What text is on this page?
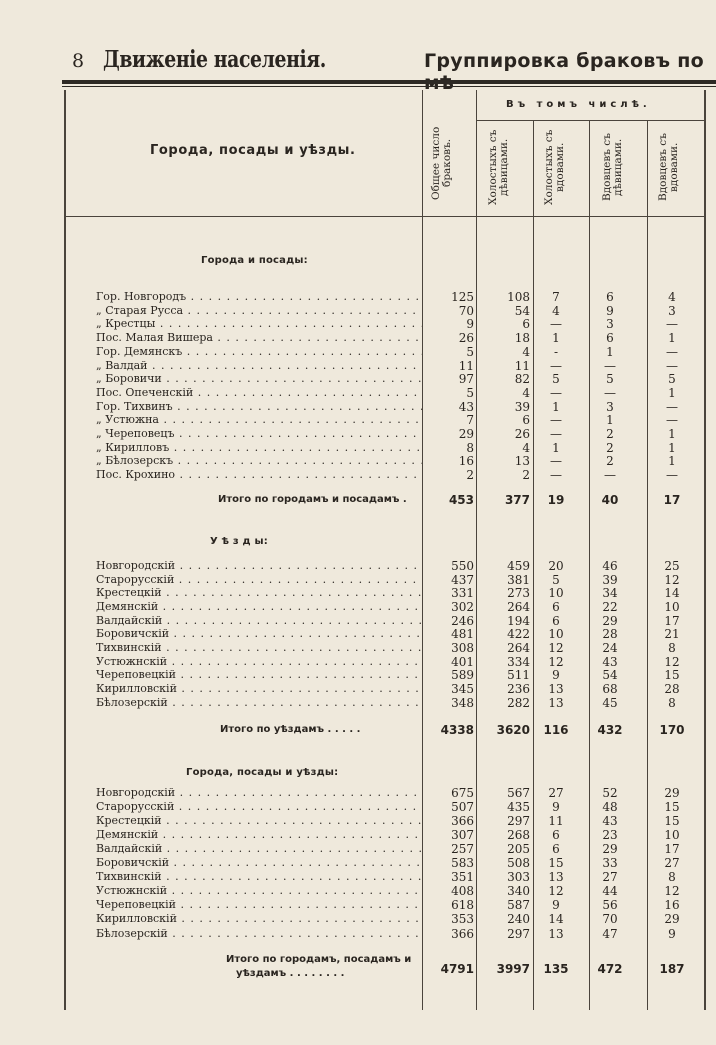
8 Движеніе населенія.	Группировка браковъ по
Города, посады и уѣзды.
Въ томъ числѣ.
Общее число браковъ.	Холостыхъ съ дѣвицами.	Холостыхъ съ вдовами.	Вдовцевъ съ дѣвицами.	Вдовцевъ съ вдовами.
Города и посады:
Гор. Новгородъ . . .	125	108	7	6	4
„ Старая Русса . . .	70	54	4	9	3
„ Крестцы . . .	9	6	—	3	—
Пос. Малая Вишера . . .	26	18	1	6	1
Гор. Демянскъ . . .	5	4	-	1	—
„ Валдай . . .	11	11	—	—	—
„ Боровичи . . .	97	82	5	5	5
Пос. Опеченскій . . .	5	4	—	—	1
Гор. Тихвинъ . . .	43	39	1	3	—
„ Устюжна . . .	7	6	—	1	—
„ Череповецъ . . .	29	26	—	2	1
„ Кирилловъ . . .	8	4	1	2	1
„ Бѣлозерскъ . . .	16	13	—	2	1
Пос. Крохино . . .	2	2	—	—	—
Итого по городамъ и посадамъ .	453	377	19	40	17
У ѣ з д ы:
Новгородскій . . .	550	459	20	46	25
Старорусскій . . .	437	381	5	39	12
Крестецкій . . .	331	273	10	34	14
Демянскій . . .	302	264	6	22	10
Валдайскій . . .	246	194	6	29	17
Боровичскій . . .	481	422	10	28	21
Тихвинскій . . .	308	264	12	24	8
Устюжнскій . . .	401	334	12	43	12
Череповецкій . . .	589	511	9	54	15
Кирилловскій . . .	345	236	13	68	28
Бѣлозерскій . . .	348	282	13	45	8
Итого по уѣздамъ . . . . .	4338	3620	116	432	170
Города, посады и уѣзды:
Новгородскій . . .	675	567	27	52	29
Старорусскій . . .	507	435	9	48	15
Крестецкій . . .	366	297	11	43	15
Демянскій . . .	307	268	6	23	10
Валдайскій . . .	257	205	6	29	17
Боровичскій . . .	583	508	15	33	27
Тихвинскій . . .	351	303	13	27	8
Устюжнскій . . .	408	340	12	44	12
Череповецкій . . .	618	587	9	56	16
Кирилловскій . . .	353	240	14	70	29
Бѣлозерскій . . .	366	297	13	47	9
Итого по городамъ, посадамъ и
уѣздамъ . . . . . . . .	4791	3997	135	472	187
